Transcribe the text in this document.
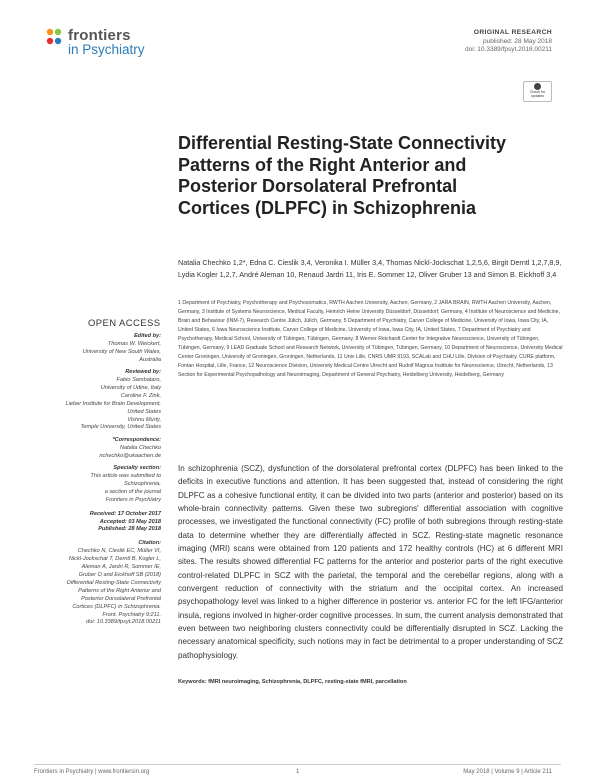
frontiers
in Psychiatry
ORIGINAL RESEARCH
published: 28 May 2018
doi: 10.3389/fpsyt.2018.00211
Check for updates
Differential Resting-State Connectivity Patterns of the Right Anterior and Posterior Dorsolateral Prefrontal Cortices (DLPFC) in Schizophrenia
Natalia Chechko 1,2*, Edna C. Cieslik 3,4, Veronika I. Müller 3,4, Thomas Nickl-Jockschat 1,2,5,6, Birgit Derntl 1,2,7,8,9, Lydia Kogler 1,2,7, André Aleman 10, Renaud Jardri 11, Iris E. Sommer 12, Oliver Gruber 13 and Simon B. Eickhoff 3,4
1 Department of Psychiatry, Psychotherapy and Psychosomatics, RWTH Aachen University, Aachen, Germany, 2 JARA BRAIN, RWTH Aachen University, Aachen, Germany, 3 Institute of Systems Neuroscience, Medical Faculty, Heinrich Heine University Düsseldorf, Düsseldorf, Germany, 4 Institute of Neuroscience and Medicine, Brain and Behaviour (INM-7), Research Centre Jülich, Jülich, Germany, 5 Department of Psychiatry, Carver College of Medicine, University of Iowa, Iowa City, IA, United States, 6 Iowa Neuroscience Institute, Carver College of Medicine, University of Iowa, Iowa City, IA, United States, 7 Department of Psychiatry and Psychotherapy, Medical School, University of Tübingen, Tübingen, Germany, 8 Werner Reichardt Center for Integrative Neuroscience, University of Tübingen, Tübingen, Germany, 9 LEAD Graduate School and Research Network, University of Tübingen, Tübingen, Germany, 10 Department of Neuroscience, University Medical Center Groningen, University of Groningen, Groningen, Netherlands, 11 Univ Lille, CNRS UMR 9193, SCALab and CHU Lille, Division of Psychiatry, CURE platform, Fontan Hospital, Lille, France, 12 Neuroscience Division, University Medical Centre Utrecht and Rudolf Magnus Institute for Neuroscience, Utrecht, Netherlands, 13 Section for Experimental Psychopathology and Neuroimaging, Department of General Psychiatry, Heidelberg University, Heidelberg, Germany
OPEN ACCESS
Edited by:
Thomas W. Weickert,
University of New South Wales,
Australia
Reviewed by:
Fabio Sambataro,
University of Udine, Italy
Caroline F. Zink,
Lieber Institute for Brain Development,
United States
Vishnu Murty,
Temple University, United States
*Correspondence:
Natalia Chechko
nchechko@ukaachen.de
Specialty section:
This article was submitted to
Schizophrenia,
a section of the journal
Frontiers in Psychiatry
Received: 17 October 2017
Accepted: 03 May 2018
Published: 28 May 2018
Citation:
Chechko N, Cieslik EC, Müller VI,
Nickl-Jockschat T, Derntl B, Kogler L,
Aleman A, Jardri R, Sommer IE,
Gruber O and Eickhoff SB (2018)
Differential Resting-State Connectivity
Patterns of the Right Anterior and
Posterior Dorsolateral Prefrontal
Cortices (DLPFC) in Schizophrenia.
Front. Psychiatry 9:211.
doi: 10.3389/fpsyt.2018.00211
In schizophrenia (SCZ), dysfunction of the dorsolateral prefrontal cortex (DLPFC) has been linked to the deficits in executive functions and attention. It has been suggested that, instead of considering the right DLPFC as a cohesive functional entity, it can be divided into two parts (anterior and posterior) based on its whole-brain connectivity patterns. Given these two subregions' differential association with cognitive processes, we investigated the functional connectivity (FC) profile of both subregions through resting-state data to determine whether they are differentially affected in SCZ. Resting-state magnetic resonance imaging (MRI) scans were obtained from 120 patients and 172 healthy controls (HC) at 6 different MRI sites. The results showed differential FC patterns for the anterior and posterior parts of the right executive control-related DLPFC in SCZ with the parietal, the temporal and the cerebellar regions, along with a convergent reduction of connectivity with the striatum and the occipital cortex. An increased psychopathology level was linked to a higher difference in posterior vs. anterior FC for the left IFG/anterior insula, regions involved in higher-order cognitive processes. In sum, the current analysis demonstrated that even between two neighboring clusters connectivity could be differentially disrupted in SCZ. Lacking the necessary anatomical specificity, such notions may in fact be detrimental to a proper understanding of SCZ pathophysiology.
Keywords: fMRI neuroimaging, Schizophrenia, DLPFC, resting-state fMRI, parcellation
Frontiers in Psychiatry | www.frontiersin.org	1	May 2018 | Volume 9 | Article 211
